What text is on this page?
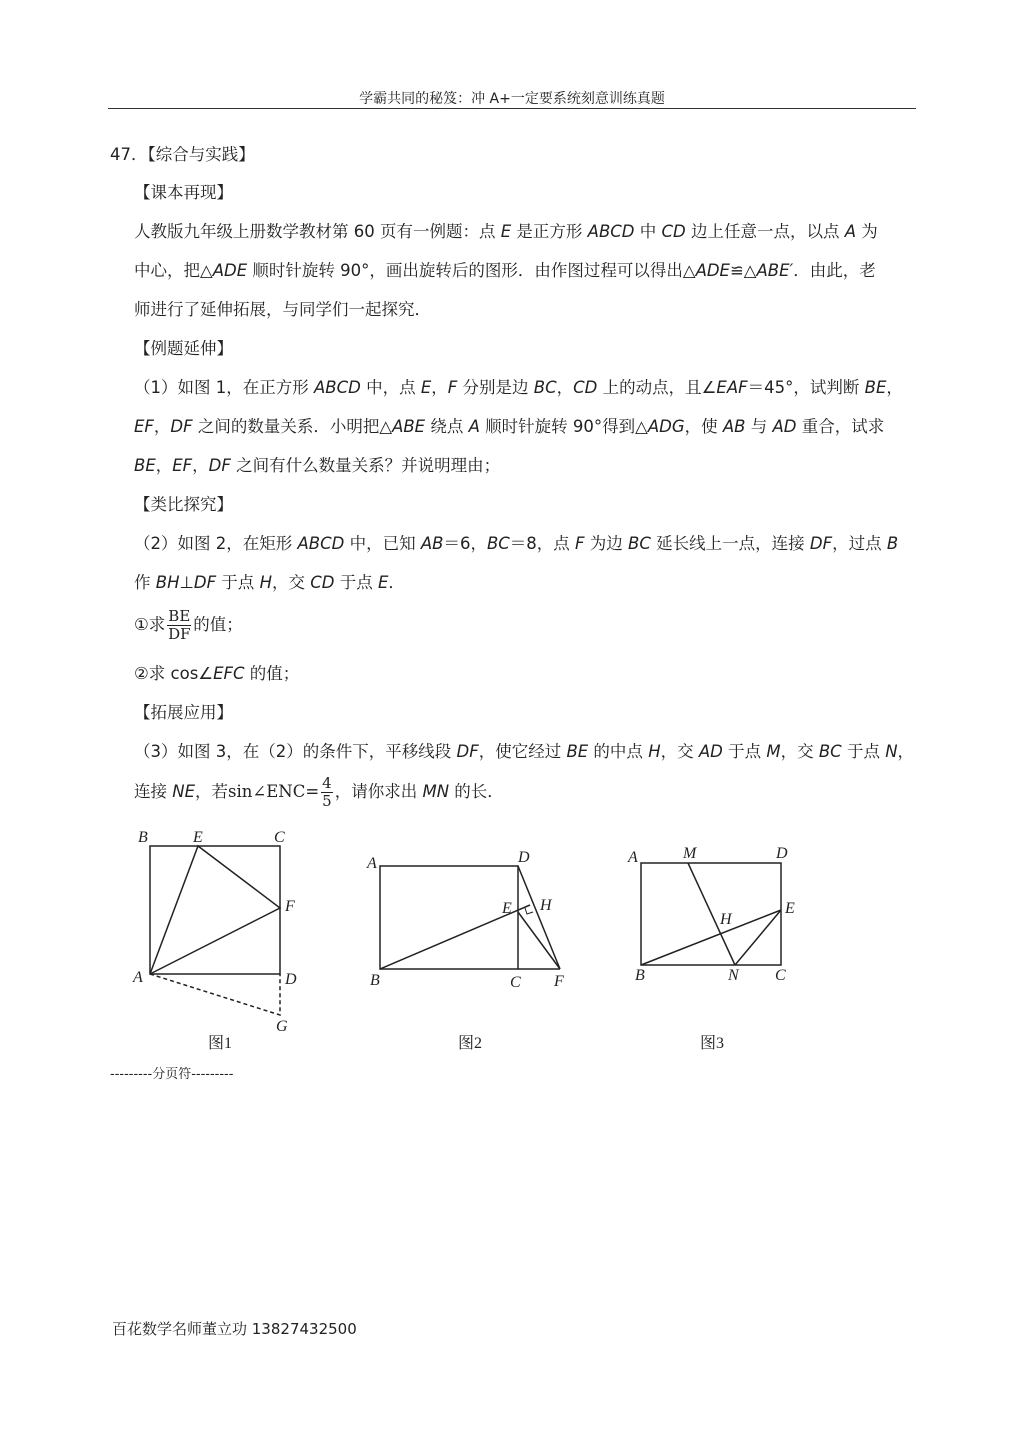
学霸共同的秘笈：冲 A+一定要系统刻意训练真题
47．【综合与实践】
【课本再现】
人教版九年级上册数学教材第 60 页有一例题：点 E 是正方形 ABCD 中 CD 边上任意一点，以点 A 为
中心，把△ADE 顺时针旋转 90°，画出旋转后的图形．由作图过程可以得出△ADE≌△ABE′．由此，老
师进行了延伸拓展，与同学们一起探究．
【例题延伸】
（1）如图 1，在正方形 ABCD 中，点 E，F 分别是边 BC，CD 上的动点，且∠EAF＝45°，试判断 BE，
EF，DF 之间的数量关系．小明把△ABE 绕点 A 顺时针旋转 90°得到△ADG，使 AB 与 AD 重合，试求
BE，EF，DF 之间有什么数量关系？并说明理由；
【类比探究】
（2）如图 2，在矩形 ABCD 中，已知 AB＝6，BC＝8，点 F 为边 BC 延长线上一点，连接 DF，过点 B
作 BH⊥DF 于点 H，交 CD 于点 E．
①求 $\frac{BE}{DF}$ 的值；
②求 cos∠EFC 的值；
【拓展应用】
（3）如图 3，在（2）的条件下，平移线段 DF，使它经过 BE 的中点 H，交 AD 于点 M，交 BC 于点 N，
连接 NE，若sin∠ENC= $\frac{4}{5}$ ，请你求出 MN 的长．
B	E	C
F
A	D
G
图1
A	D
E H
B	C F
图2
A	M	D
E
H
B	N C
图3
---------分页符---------
百花数学名师董立功 13827432500
